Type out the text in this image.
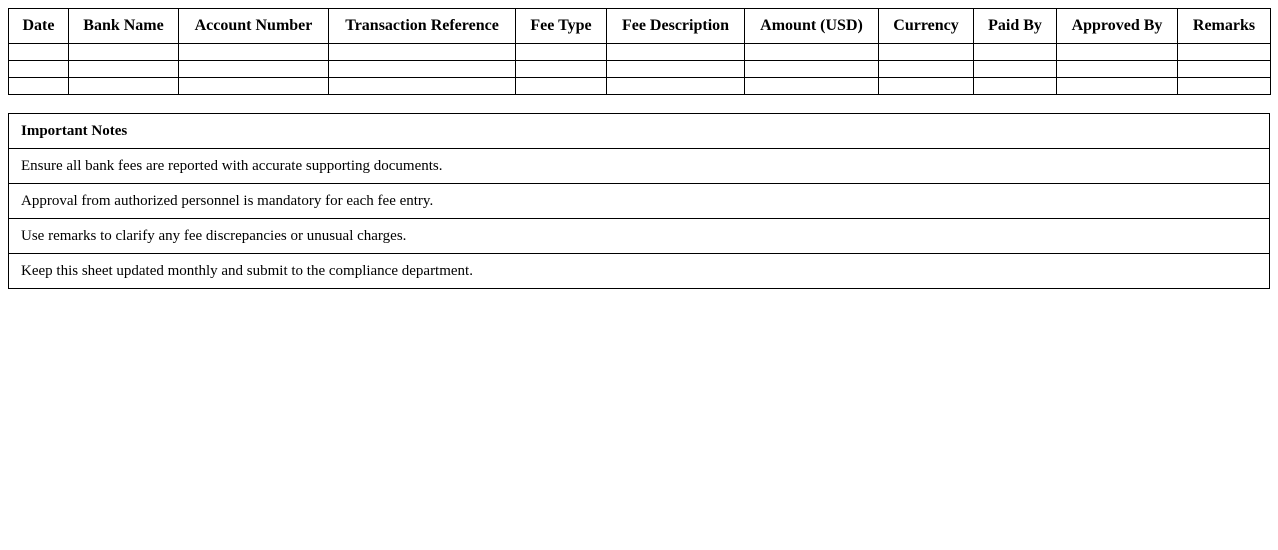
Date	Bank Name	Account Number	Transaction Reference	Fee Type	Fee Description	Amount (USD)	Currency	Paid By	Approved By	Remarks

Important Notes
Ensure all bank fees are reported with accurate supporting documents.
Approval from authorized personnel is mandatory for each fee entry.
Use remarks to clarify any fee discrepancies or unusual charges.
Keep this sheet updated monthly and submit to the compliance department.
